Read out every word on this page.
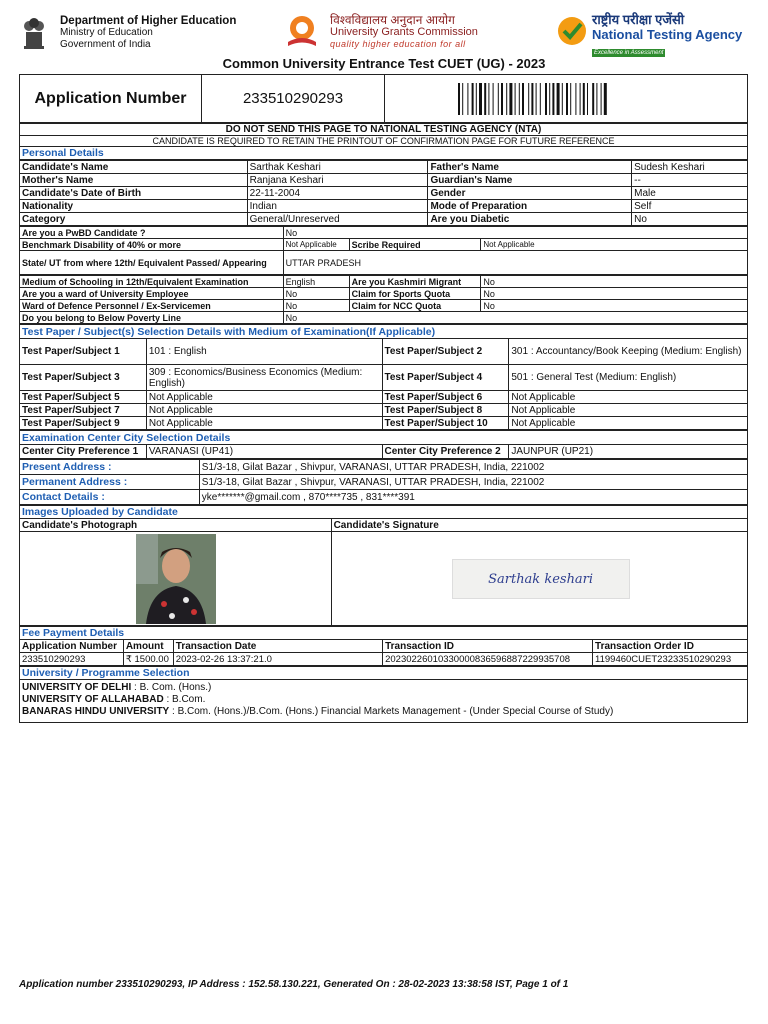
Department of Higher Education
Ministry of Education
Government of India
विश्वविद्यालय अनुदान आयोग
University Grants Commission
quality higher education for all
राष्ट्रीय परीक्षा एजेंसी
National Testing Agency
Excellence in Assessment
Common University Entrance Test CUET (UG) - 2023
Application Number	233510290293
DO NOT SEND THIS PAGE TO NATIONAL TESTING AGENCY (NTA)
CANDIDATE IS REQUIRED TO RETAIN THE PRINTOUT OF CONFIRMATION PAGE FOR FUTURE REFERENCE
Personal Details
Candidate's Name	Sarthak Keshari	Father's Name	Sudesh Keshari
Mother's Name	Ranjana Keshari	Guardian's Name	--
Candidate's Date of Birth	22-11-2004	Gender	Male
Nationality	Indian	Mode of Preparation	Self
Category	General/Unreserved	Are you Diabetic	No
Are you a PwBD Candidate ?	No		
Benchmark Disability of 40% or more	Not Applicable	Scribe Required	Not Applicable
State/ UT from where 12th/ Equivalent Passed/ Appearing	UTTAR PRADESH		
Medium of Schooling in 12th/Equivalent Examination	English	Are you Kashmiri Migrant	No
Are you a ward of University Employee	No	Claim for Sports Quota	No
Ward of Defence Personnel / Ex-Servicemen	No	Claim for NCC Quota	No
Do you belong to Below Poverty Line	No		
Test Paper / Subject(s) Selection Details with Medium of Examination(If Applicable)			
Test Paper/Subject 1	101 : English	Test Paper/Subject 2	301 : Accountancy/Book Keeping (Medium: English)
Test Paper/Subject 3	309 : Economics/Business Economics (Medium: English)	Test Paper/Subject 4	501 : General Test (Medium: English)
Test Paper/Subject 5	Not Applicable	Test Paper/Subject 6	Not Applicable
Test Paper/Subject 7	Not Applicable	Test Paper/Subject 8	Not Applicable
Test Paper/Subject 9	Not Applicable	Test Paper/Subject 10	Not Applicable
Examination Center City Selection Details
Center City Preference 1	VARANASI (UP41)	Center City Preference 2	JAUNPUR (UP21)
Present Address :	S1/3-18, Gilat Bazar , Shivpur, VARANASI, UTTAR PRADESH, India, 221002
Permanent Address :	S1/3-18, Gilat Bazar , Shivpur, VARANASI, UTTAR PRADESH, India, 221002
Contact Details :	yke*******@gmail.com , 870****735 , 831****391
Images Uploaded by Candidate	
Candidate's Photograph	Candidate's Signature

Sarthak keshari
Fee Payment Details				
Application Number	Amount	Transaction Date	Transaction ID	Transaction Order ID
233510290293	₹ 1500.00	2023-02-26 13:37:21.0	20230226010330000836596887229935708	1199460CUET23233510290293
University / Programme Selection

UNIVERSITY OF DELHI : B. Com. (Hons.)
UNIVERSITY OF ALLAHABAD : B.Com.
BANARAS HINDU UNIVERSITY : B.Com. (Hons.)/B.Com. (Hons.) Financial Markets Management - (Under Special Course of Study)
Application number 233510290293, IP Address : 152.58.130.221, Generated On : 28-02-2023 13:38:58 IST, Page 1 of 1
